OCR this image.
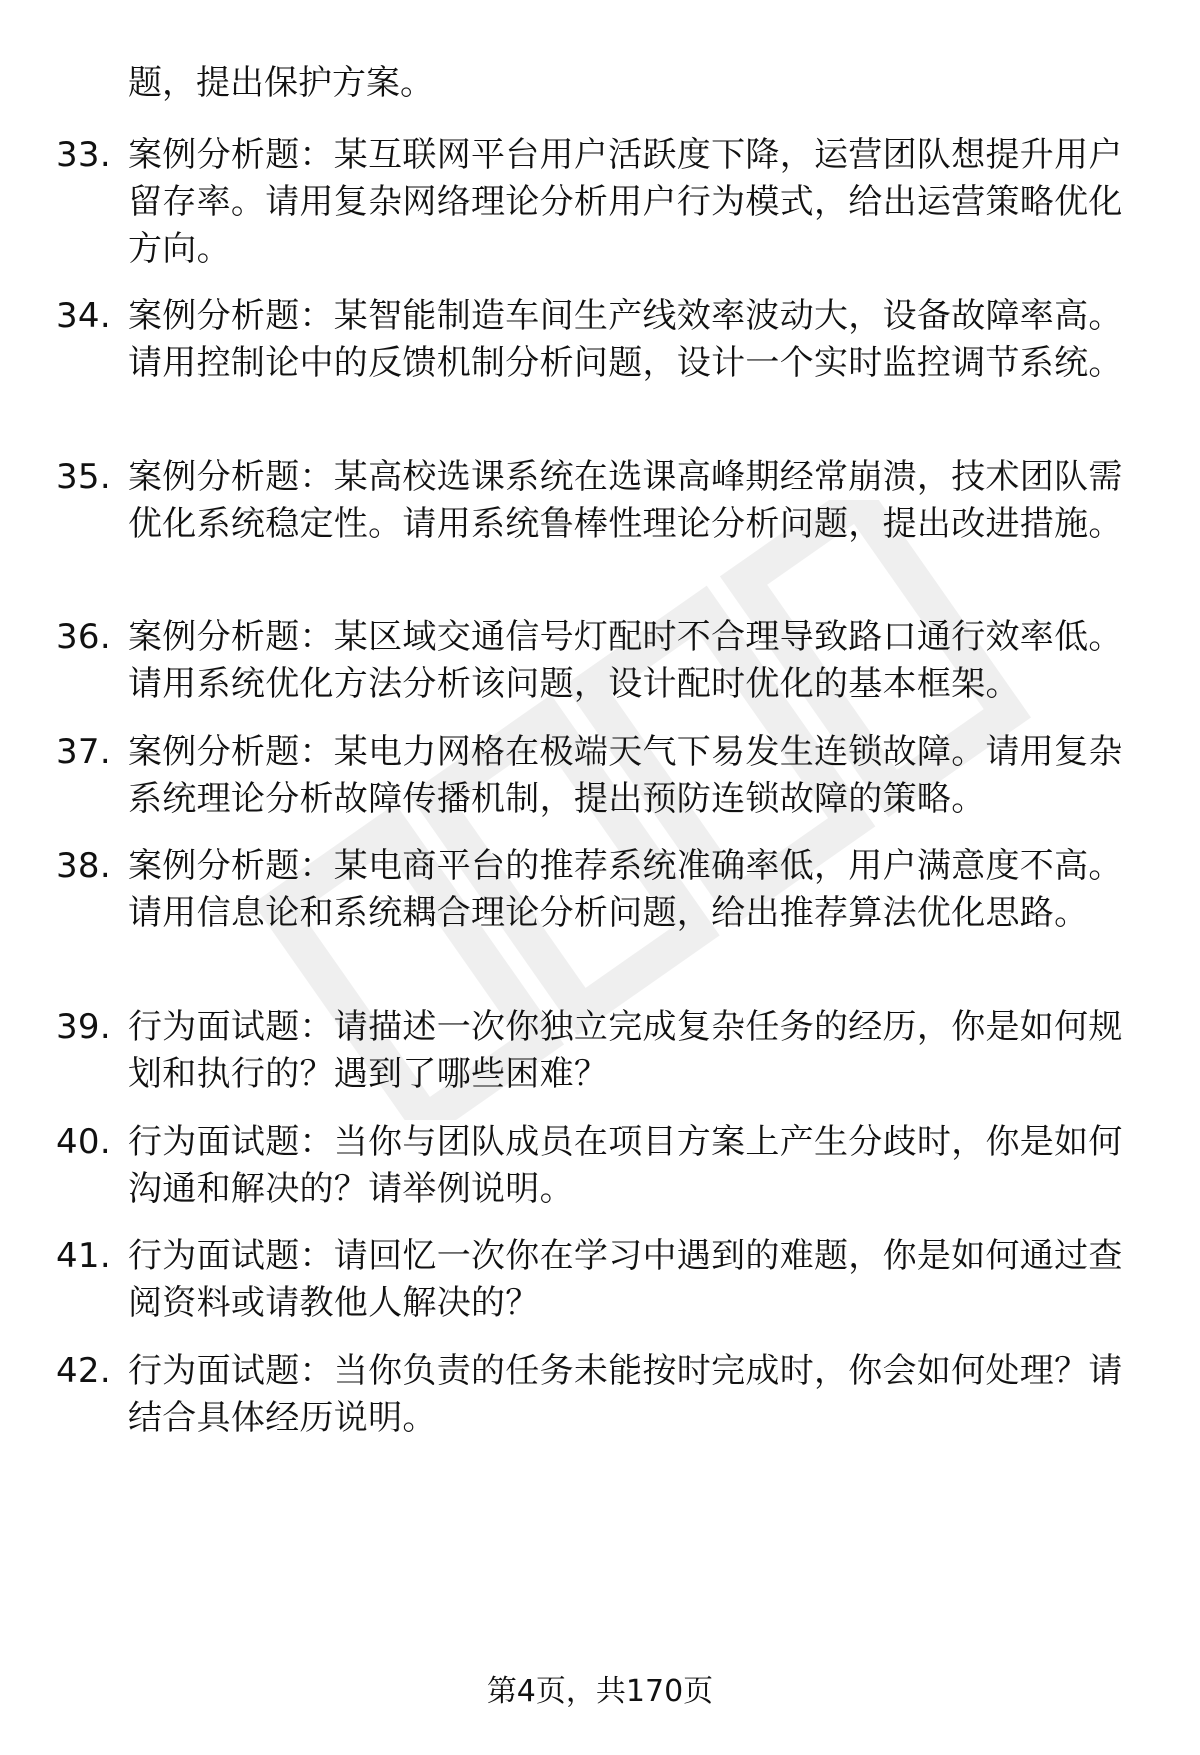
题，提出保护方案。
33. 案例分析题：某互联网平台用户活跃度下降，运营团队想提升用户留存率。请用复杂网络理论分析用户行为模式，给出运营策略优化方向。
34. 案例分析题：某智能制造车间生产线效率波动大，设备故障率高。请用控制论中的反馈机制分析问题，设计一个实时监控调节系统。
35. 案例分析题：某高校选课系统在选课高峰期经常崩溃，技术团队需优化系统稳定性。请用系统鲁棒性理论分析问题，提出改进措施。
36. 案例分析题：某区域交通信号灯配时不合理导致路口通行效率低。请用系统优化方法分析该问题，设计配时优化的基本框架。
37. 案例分析题：某电力网格在极端天气下易发生连锁故障。请用复杂系统理论分析故障传播机制，提出预防连锁故障的策略。
38. 案例分析题：某电商平台的推荐系统准确率低，用户满意度不高。请用信息论和系统耦合理论分析问题，给出推荐算法优化思路。
39. 行为面试题：请描述一次你独立完成复杂任务的经历，你是如何规划和执行的？遇到了哪些困难？
40. 行为面试题：当你与团队成员在项目方案上产生分歧时，你是如何沟通和解决的？请举例说明。
41. 行为面试题：请回忆一次你在学习中遇到的难题，你是如何通过查阅资料或请教他人解决的？
42. 行为面试题：当你负责的任务未能按时完成时，你会如何处理？请结合具体经历说明。
第4页，共170页
